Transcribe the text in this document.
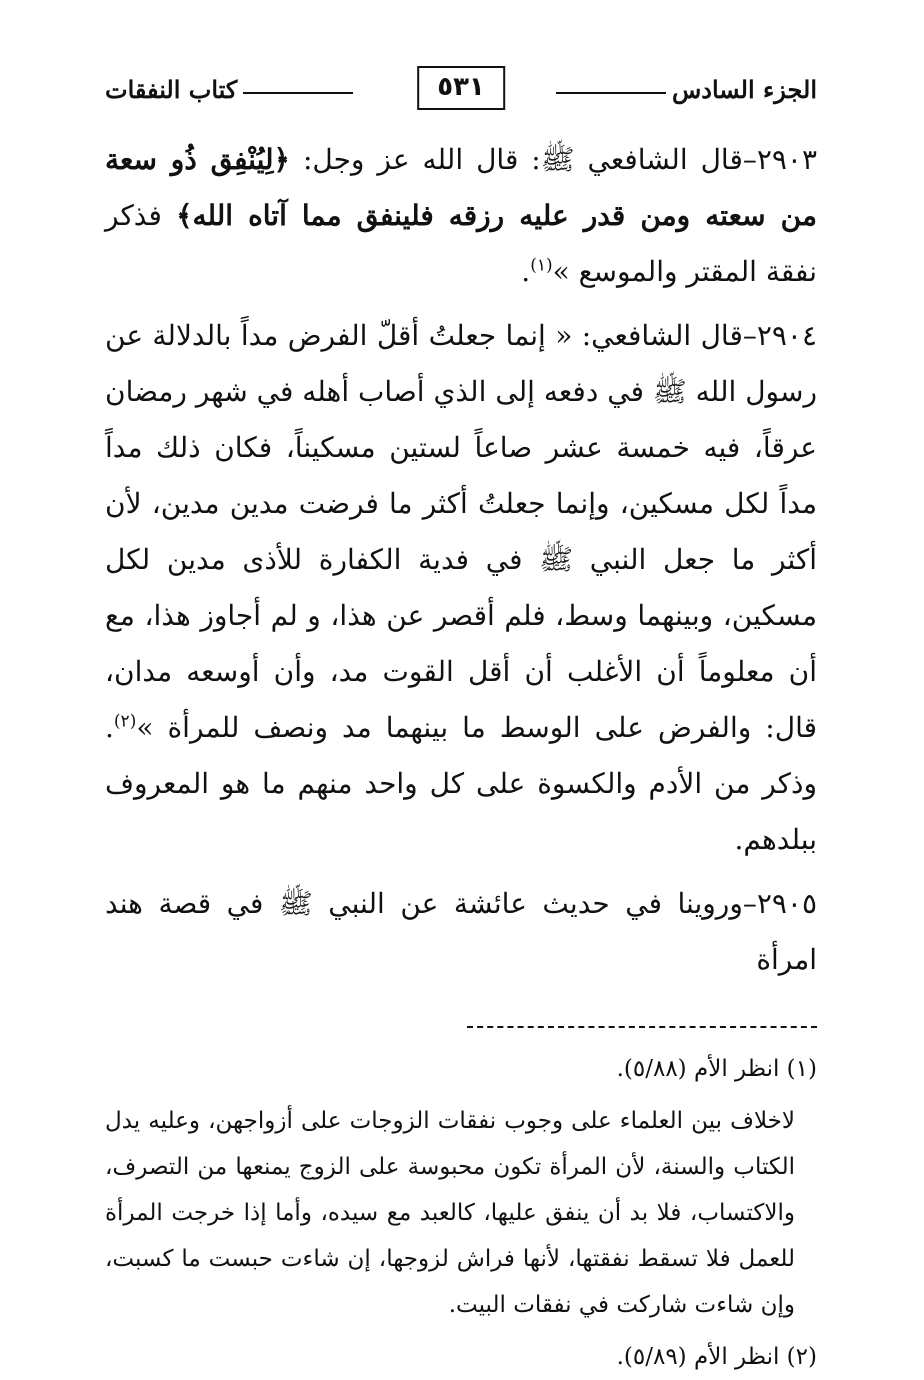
الجزء السادس
٥٣١
كتاب النفقات

٢٩٠٣–قال الشافعي ﷺ: قال الله عز وجل: ﴿لِيُنْفِق ذُو سعة من سعته ومن قدر عليه رزقه فلينفق مما آتاه الله﴾ فذكر نفقة المقتر والموسع »$^{(١)}$.

٢٩٠٤–قال الشافعي: « إنما جعلتُ أقلّ الفرض مداً بالدلالة عن رسول الله ﷺ في دفعه إلى الذي أصاب أهله في شهر رمضان عرقاً، فيه خمسة عشر صاعاً لستين مسكيناً، فكان ذلك مداً مداً لكل مسكين، وإنما جعلتُ أكثر ما فرضت مدين مدين، لأن أكثر ما جعل النبي ﷺ في فدية الكفارة للأذى مدين لكل مسكين، وبينهما وسط، فلم أقصر عن هذا، و لم أجاوز هذا، مع أن معلوماً أن الأغلب أن أقل القوت مد، وأن أوسعه مدان، قال: والفرض على الوسط ما بينهما مد ونصف للمرأة »$^{(٢)}$. وذكر من الأدم والكسوة على كل واحد منهم ما هو المعروف ببلدهم.

٢٩٠٥–وروينا في حديث عائشة عن النبي ﷺ في قصة هند امرأة

(١) انظر الأم (٥/٨٨).

لاخلاف بين العلماء على وجوب نفقات الزوجات على أزواجهن، وعليه يدل الكتاب والسنة، لأن المرأة تكون محبوسة على الزوج يمنعها من التصرف، والاكتساب، فلا بد أن ينفق عليها، كالعبد مع سيده، وأما إذا خرجت المرأة للعمل فلا تسقط نفقتها، لأنها فراش لزوجها، إن شاءت حبست ما كسبت، وإن شاءت شاركت في نفقات البيت.

(٢) انظر الأم (٥/٨٩).
